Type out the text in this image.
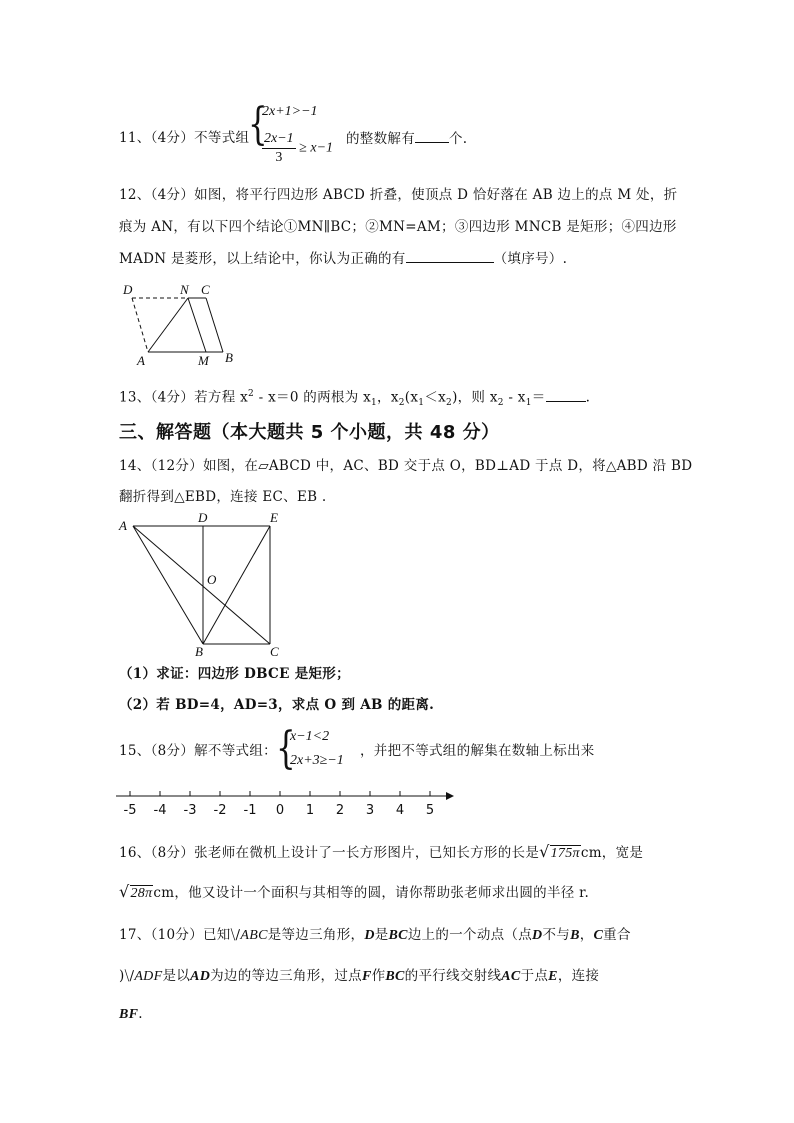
11、（4分）不等式组
{
2x+1>−1
$\frac{2x-1}{3} \ge x-1$
的整数解有	个.
12、（4分）如图，将平行四边形 ABCD 折叠，使顶点 D 恰好落在 AB 边上的点 M 处，折
痕为 AN，有以下四个结论①MN∥BC；②MN=AM；③四边形 MNCB 是矩形；④四边形
MADN 是菱形，以上结论中，你认为正确的有	（填序号）.
D	N C
A	M B
13、（4分）若方程 $x^2 - x=0$ 的两根为 $x_1$，$x_2(x_1<x_2)$，则 $x_2 - x_1=$	.
三、解答题（本大题共 5 个小题，共 48 分）
14、（12分）如图，在▱ABCD 中，AC、BD 交于点 O，BD⊥AD 于点 D，将△ABD 沿 BD
翻折得到△EBD，连接 EC、EB .
A
D	E
O
B	C
（1）求证：四边形 DBCE 是矩形；
（2）若 BD=4，AD=3，求点 O 到 AB 的距离.
15、（8分）解不等式组： {
x−1<2
2x+3≥−1
，并把不等式组的解集在数轴上标出来
-5 -4 -3 -2 -1 0 1 2 3 4 5
16、（8分）张老师在微机上设计了一长方形图片，已知长方形的长是√175πcm，宽是
√28πcm，他又设计一个面积与其相等的圆，请你帮助张老师求出圆的半径 r.
17、（10分）已知⧹∕ABC是等边三角形，D是BC边上的一个动点（点D不与B，C重合
)⧹∕ADF是以AD为边的等边三角形，过点F作BC的平行线交射线AC于点E，连接
BF.
